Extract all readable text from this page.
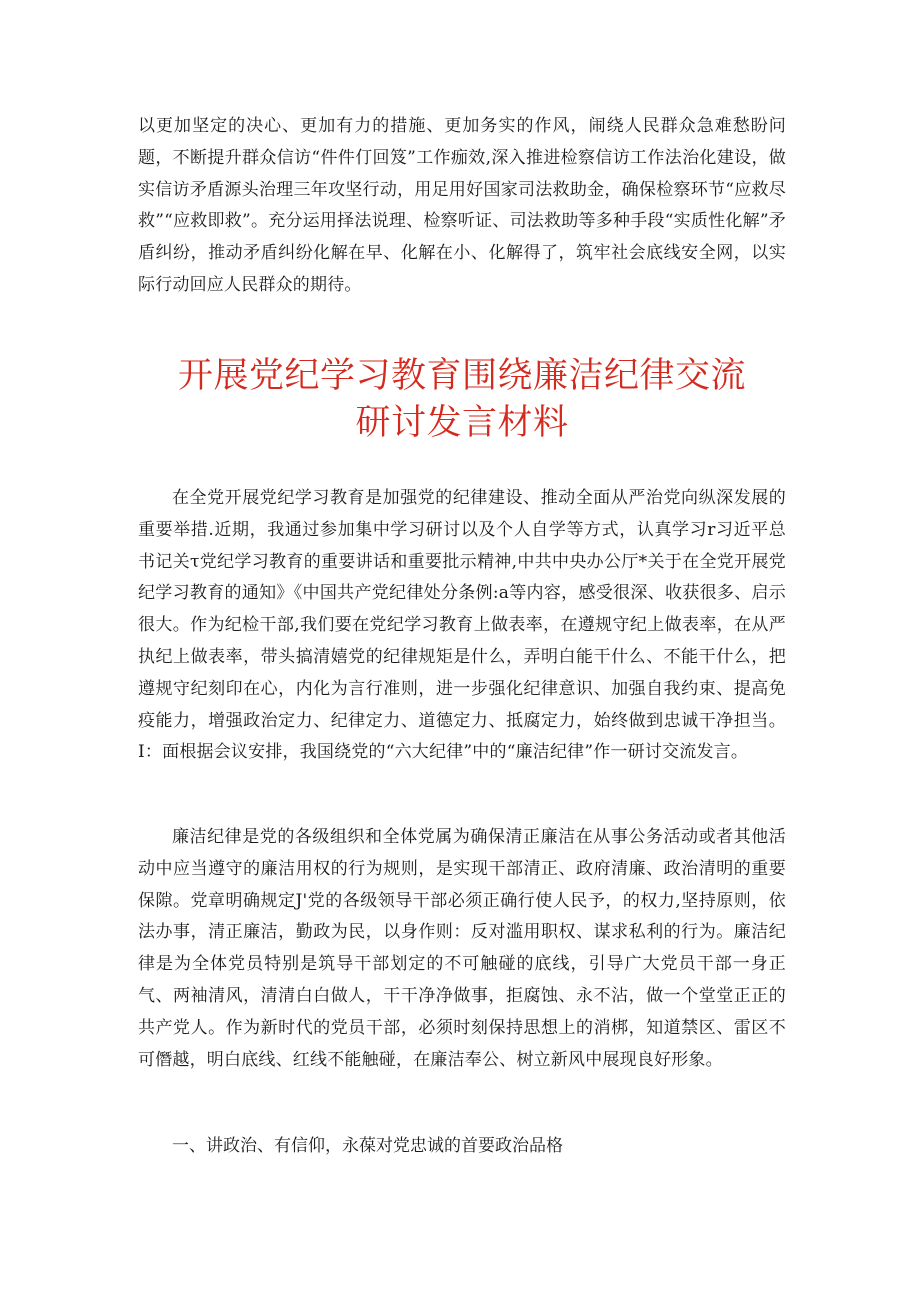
以更加坚定的决心、更加有力的措施、更加务实的作风，闹绕人民群众急难愁盼问题，不断提升群众信访“件件仃回笈”工作痂效,深入推进检察信访工作法治化建设，做实信访矛盾源头治理三年攻坚行动，用足用好国家司法救助金，确保检察环节“应救尽救”“应救即救”。充分运用择法说理、检察听证、司法救助等多种手段“实质性化解”矛盾纠纷，推动矛盾纠纷化解在早、化解在小、化解得了，筑牢社会底线安全网，以实际行动回应人民群众的期待。

开展党纪学习教育围绕廉洁纪律交流
研讨发言材料

在全党开展党纪学习教育是加强党的纪律建设、推动全面从严治党向纵深发展的重要举措.近期，我通过参加集中学习研讨以及个人自学等方式，认真学习r习近平总书记关τ党纪学习教育的重要讲话和重要批示精神,中共中央办公厅*关于在全党开展党纪学习教育的通知》《中国共产党纪律处分条例:a等内容，感受很深、收获很多、启示很大。作为纪检干部,我们要在党纪学习教育上做表率，在遵规守纪上做表率，在从严执纪上做表率，带头搞清嬉党的纪律规矩是什么，弄明白能干什么、不能干什么，把遵规守纪刻印在心，内化为言行准则，进一步强化纪律意识、加强自我约束、提高免疫能力，增强政治定力、纪律定力、道德定力、抵腐定力，始终做到忠诚干净担当。I：面根据会议安排，我国绕党的“六大纪律”中的“廉洁纪律”作一研讨交流发言。

廉洁纪律是党的各级组织和全体党属为确保清正廉洁在从事公务活动或者其他活动中应当遵守的廉洁用权的行为规则，是实现干部清正、政府清廉、政治清明的重要保隙。党章明确规定J'党的各级领导干部必须正确行使人民予，的权力,坚持原则，依法办事，清正廉洁，勤政为民，以身作则：反对滥用职权、谋求私利的行为。廉洁纪律是为全体党员特别是筑导干部划定的不可触碰的底线，引导广大党员干部一身正气、两袖清风，清清白白做人，干干净净做事，拒腐蚀、永不沾，做一个堂堂正正的共产党人。作为新时代的党员干部，必须时刻保持思想上的消梆，知道禁区、雷区不可僭越，明白底线、红线不能触碰，在廉洁奉公、树立新风中展现良好形象。

一、讲政治、有信仰，永葆对党忠诚的首要政治品格
